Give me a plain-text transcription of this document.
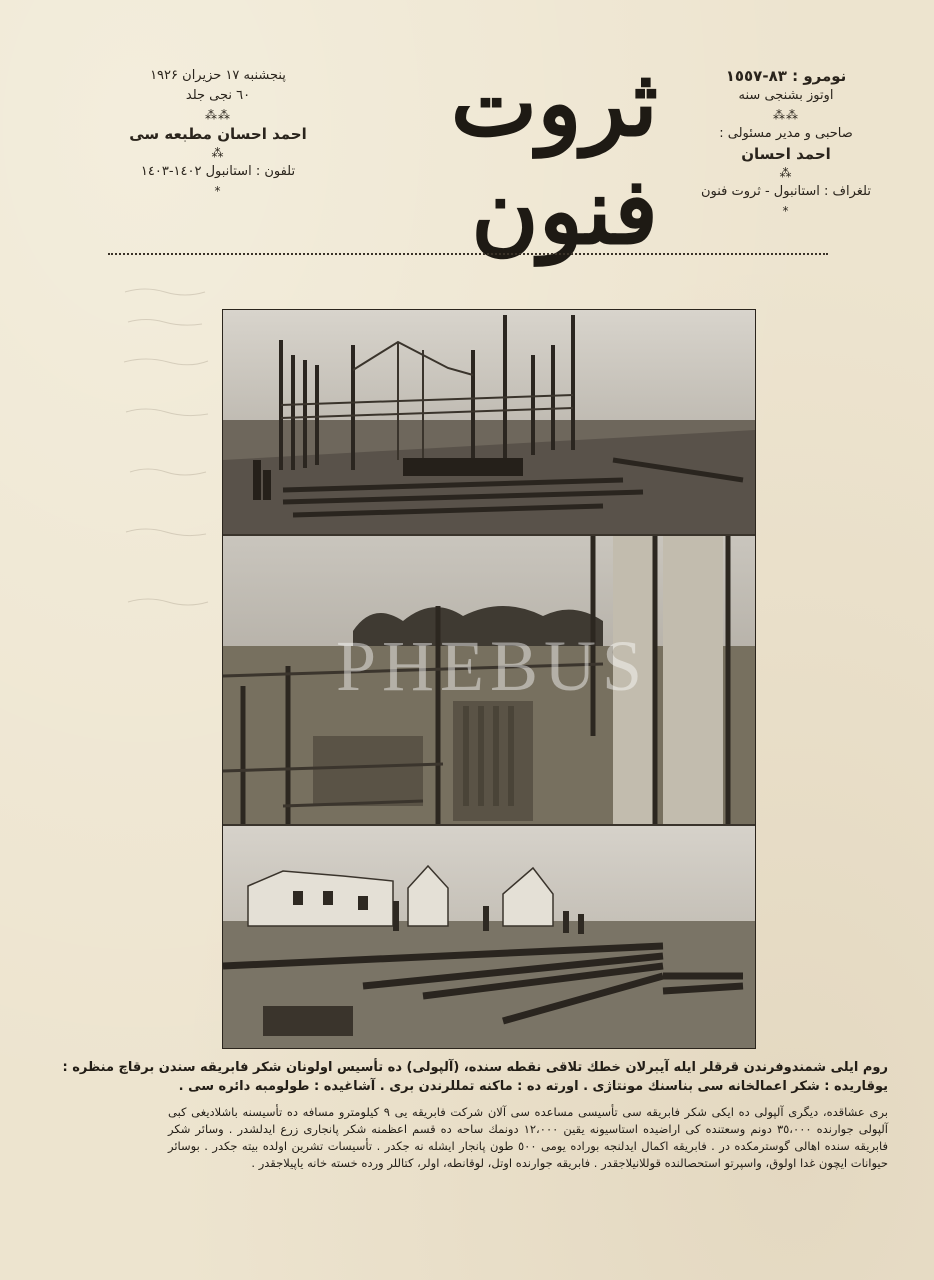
پنجشنبه ۱۷ حزیران ۱۹۲۶
٦٠ نجی جلد
⁂⁂
احمد احسان مطبعه سی
⁂
تلفون : استانبول ۱٤۰۲-۱٤۰۳
*
ثروت فنون
نومرو : ۸۳-۱٥٥۷
اوتوز بشنجی سنه
⁂⁂
صاحبی و مدیر مسئولی :
احمد احسان
⁂
تلغراف : استانبول - ثروت فنون
*
PHEBUS
روم ایلی شمندوفرندن قرقلر ایله آیبرلان خطك تلاقی نقطه سنده، (آلپولی) ده تأسیس اولونان شکر فابریقه سندن برقاچ منظره :
یوقاریده : شکر اعمالخانه سی بناسنك مونتاژی . اورته ده : ماکنه تمللرندن بری . آشاغیده : طولومبه دائره سی .
بری عشاقده، دیگری آلپولی ده ایکی شکر فابریقه سی تأسیسی مساعده سی آلان شرکت فابریقه یی ۹ کیلومترو مسافه ده تأسیسنه باشلادیغی کبی آلپولی جوارنده ۳٥،۰۰۰ دونم وسعتنده کی اراضیده استاسیونه یقین ۱۲،۰۰۰ دونمك ساحه ده قسم اعظمنه شکر پانجاری زرع ایدلشدر . وسائر شکر فابریقه سنده اهالی گوسترمکده در . فابریقه اکمال ایدلنجه بوراده یومی ٥۰۰ طون پانجار ایشله نه جکدر . تأسیسات تشرین اولده بیته جکدر . بوسائر حیوانات ایچون غدا اولوق، واسپرتو استحصالنده قوللانیلاجقدر . فابریقه جوارنده اوتل، لوقانطه، اولر، کتاللر ورده خسته خانه یاپیلاجقدر .
